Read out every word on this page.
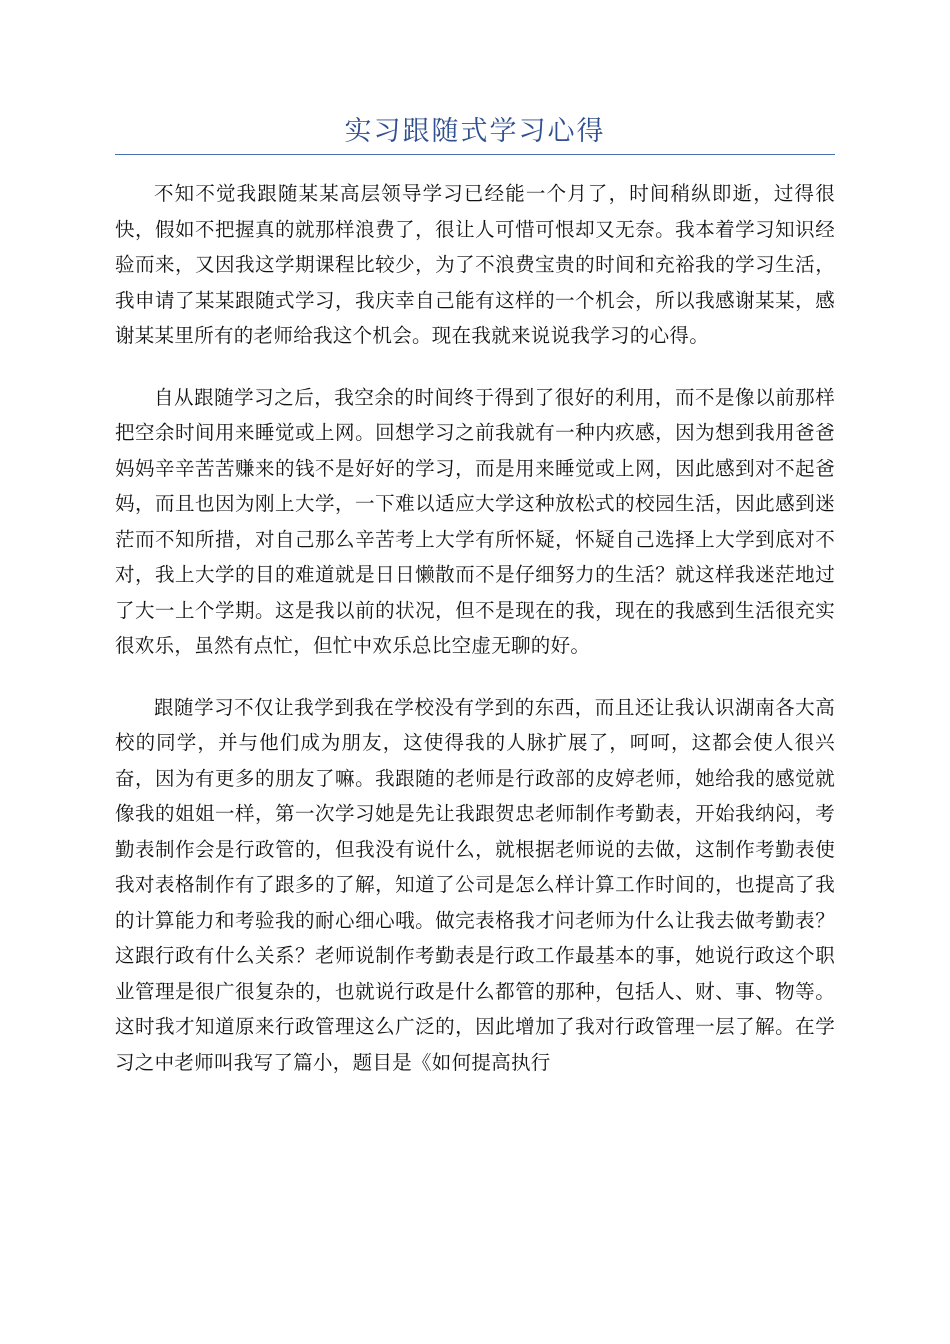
实习跟随式学习心得

不知不觉我跟随某某高层领导学习已经能一个月了，时间稍纵即逝，过得很快，假如不把握真的就那样浪费了，很让人可惜可恨却又无奈。我本着学习知识经验而来，又因我这学期课程比较少，为了不浪费宝贵的时间和充裕我的学习生活，我申请了某某跟随式学习，我庆幸自己能有这样的一个机会，所以我感谢某某，感谢某某里所有的老师给我这个机会。现在我就来说说我学习的心得。

自从跟随学习之后，我空余的时间终于得到了很好的利用，而不是像以前那样把空余时间用来睡觉或上网。回想学习之前我就有一种内疚感，因为想到我用爸爸妈妈辛辛苦苦赚来的钱不是好好的学习，而是用来睡觉或上网，因此感到对不起爸妈，而且也因为刚上大学，一下难以适应大学这种放松式的校园生活，因此感到迷茫而不知所措，对自己那么辛苦考上大学有所怀疑，怀疑自己选择上大学到底对不对，我上大学的目的难道就是日日懒散而不是仔细努力的生活？就这样我迷茫地过了大一上个学期。这是我以前的状况，但不是现在的我，现在的我感到生活很充实很欢乐，虽然有点忙，但忙中欢乐总比空虚无聊的好。

跟随学习不仅让我学到我在学校没有学到的东西，而且还让我认识湖南各大高校的同学，并与他们成为朋友，这使得我的人脉扩展了，呵呵，这都会使人很兴奋，因为有更多的朋友了嘛。我跟随的老师是行政部的皮婷老师，她给我的感觉就像我的姐姐一样，第一次学习她是先让我跟贺忠老师制作考勤表，开始我纳闷，考勤表制作会是行政管的，但我没有说什么，就根据老师说的去做，这制作考勤表使我对表格制作有了跟多的了解，知道了公司是怎么样计算工作时间的，也提高了我的计算能力和考验我的耐心细心哦。做完表格我才问老师为什么让我去做考勤表？这跟行政有什么关系？老师说制作考勤表是行政工作最基本的事，她说行政这个职业管理是很广很复杂的，也就说行政是什么都管的那种，包括人、财、事、物等。这时我才知道原来行政管理这么广泛的，因此增加了我对行政管理一层了解。在学习之中老师叫我写了篇小，题目是《如何提高执行
